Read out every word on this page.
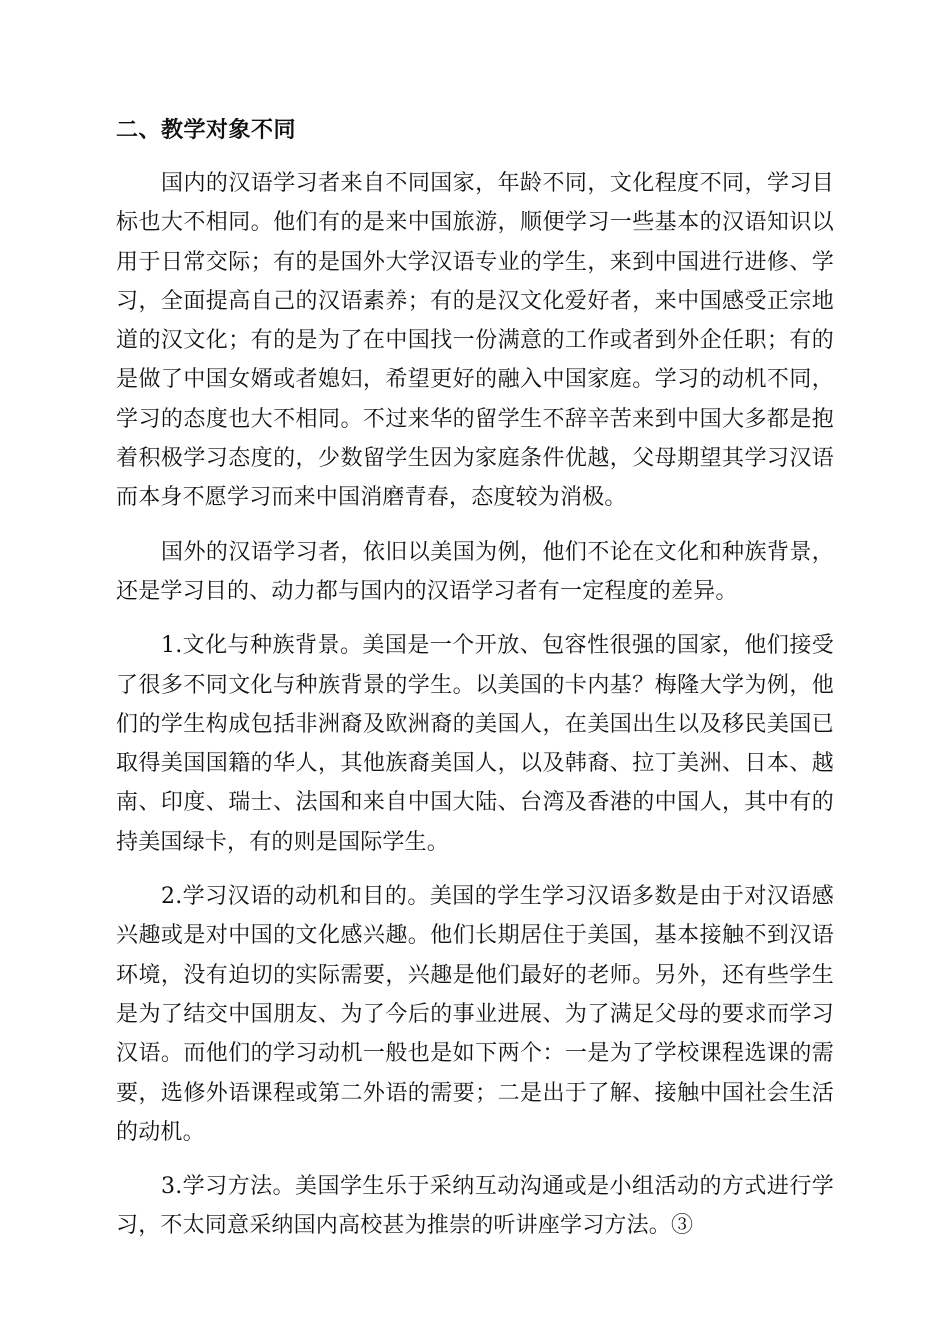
二、教学对象不同

国内的汉语学习者来自不同国家，年龄不同，文化程度不同，学习目标也大不相同。他们有的是来中国旅游，顺便学习一些基本的汉语知识以用于日常交际；有的是国外大学汉语专业的学生，来到中国进行进修、学习，全面提高自己的汉语素养；有的是汉文化爱好者，来中国感受正宗地道的汉文化；有的是为了在中国找一份满意的工作或者到外企任职；有的是做了中国女婿或者媳妇，希望更好的融入中国家庭。学习的动机不同，学习的态度也大不相同。不过来华的留学生不辞辛苦来到中国大多都是抱着积极学习态度的，少数留学生因为家庭条件优越，父母期望其学习汉语而本身不愿学习而来中国消磨青春，态度较为消极。

国外的汉语学习者，依旧以美国为例，他们不论在文化和种族背景，还是学习目的、动力都与国内的汉语学习者有一定程度的差异。

1.文化与种族背景。美国是一个开放、包容性很强的国家，他们接受了很多不同文化与种族背景的学生。以美国的卡内基？梅隆大学为例，他们的学生构成包括非洲裔及欧洲裔的美国人，在美国出生以及移民美国已取得美国国籍的华人，其他族裔美国人，以及韩裔、拉丁美洲、日本、越南、印度、瑞士、法国和来自中国大陆、台湾及香港的中国人，其中有的持美国绿卡，有的则是国际学生。

2.学习汉语的动机和目的。美国的学生学习汉语多数是由于对汉语感兴趣或是对中国的文化感兴趣。他们长期居住于美国，基本接触不到汉语环境，没有迫切的实际需要，兴趣是他们最好的老师。另外，还有些学生是为了结交中国朋友、为了今后的事业进展、为了满足父母的要求而学习汉语。而他们的学习动机一般也是如下两个：一是为了学校课程选课的需要，选修外语课程或第二外语的需要；二是出于了解、接触中国社会生活的动机。

3.学习方法。美国学生乐于采纳互动沟通或是小组活动的方式进行学习，不太同意采纳国内高校甚为推崇的听讲座学习方法。③
